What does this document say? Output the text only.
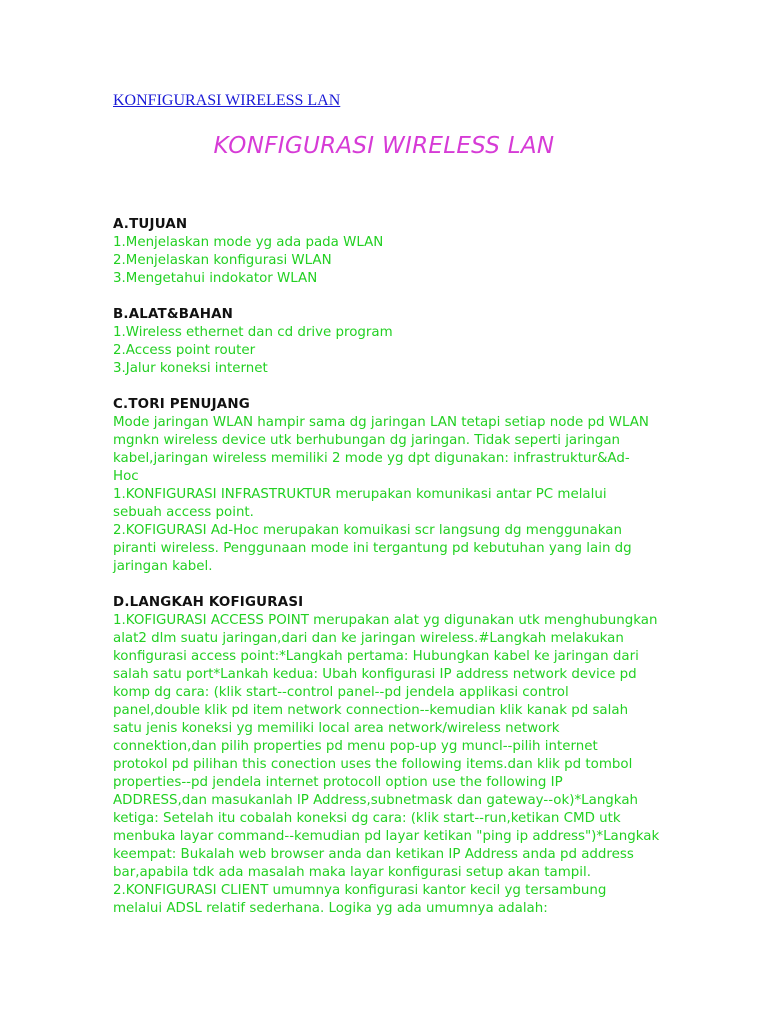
KONFIGURASI WIRELESS LAN
KONFIGURASI WIRELESS LAN
A.TUJUAN
1.Menjelaskan mode yg ada pada WLAN
2.Menjelaskan konfigurasi WLAN
3.Mengetahui indokator WLAN
B.ALAT&BAHAN
1.Wireless ethernet dan cd drive program
2.Access point router
3.Jalur koneksi internet
C.TORI PENUJANG
Mode jaringan WLAN hampir sama dg jaringan LAN tetapi setiap node pd WLAN
mgnkn wireless device utk berhubungan dg jaringan. Tidak seperti jaringan
kabel,jaringan wireless memiliki 2 mode yg dpt digunakan: infrastruktur&Ad-
Hoc
1.KONFIGURASI INFRASTRUKTUR merupakan komunikasi antar PC melalui
sebuah access point.
2.KOFIGURASI Ad-Hoc merupakan komuikasi scr langsung dg menggunakan
piranti wireless. Penggunaan mode ini tergantung pd kebutuhan yang lain dg
jaringan kabel.
D.LANGKAH KOFIGURASI
1.KOFIGURASI ACCESS POINT merupakan alat yg digunakan utk menghubungkan
alat2 dlm suatu jaringan,dari dan ke jaringan wireless.#Langkah melakukan
konfigurasi access point:*Langkah pertama: Hubungkan kabel ke jaringan dari
salah satu port*Lankah kedua: Ubah konfigurasi IP address network device pd
komp dg cara: (klik start--control panel--pd jendela applikasi control
panel,double klik pd item network connection--kemudian klik kanak pd salah
satu jenis koneksi yg memiliki local area network/wireless network
connektion,dan pilih properties pd menu pop-up yg muncl--pilih internet
protokol pd pilihan this conection uses the following items.dan klik pd tombol
properties--pd jendela internet protocoll option use the following IP
ADDRESS,dan masukanlah IP Address,subnetmask dan gateway--ok)*Langkah
ketiga: Setelah itu cobalah koneksi dg cara: (klik start--run,ketikan CMD utk
menbuka layar command--kemudian pd layar ketikan "ping ip address")*Langkak
keempat: Bukalah web browser anda dan ketikan IP Address anda pd address
bar,apabila tdk ada masalah maka layar konfigurasi setup akan tampil.
2.KONFIGURASI CLIENT umumnya konfigurasi kantor kecil yg tersambung
melalui ADSL relatif sederhana. Logika yg ada umumnya adalah:
